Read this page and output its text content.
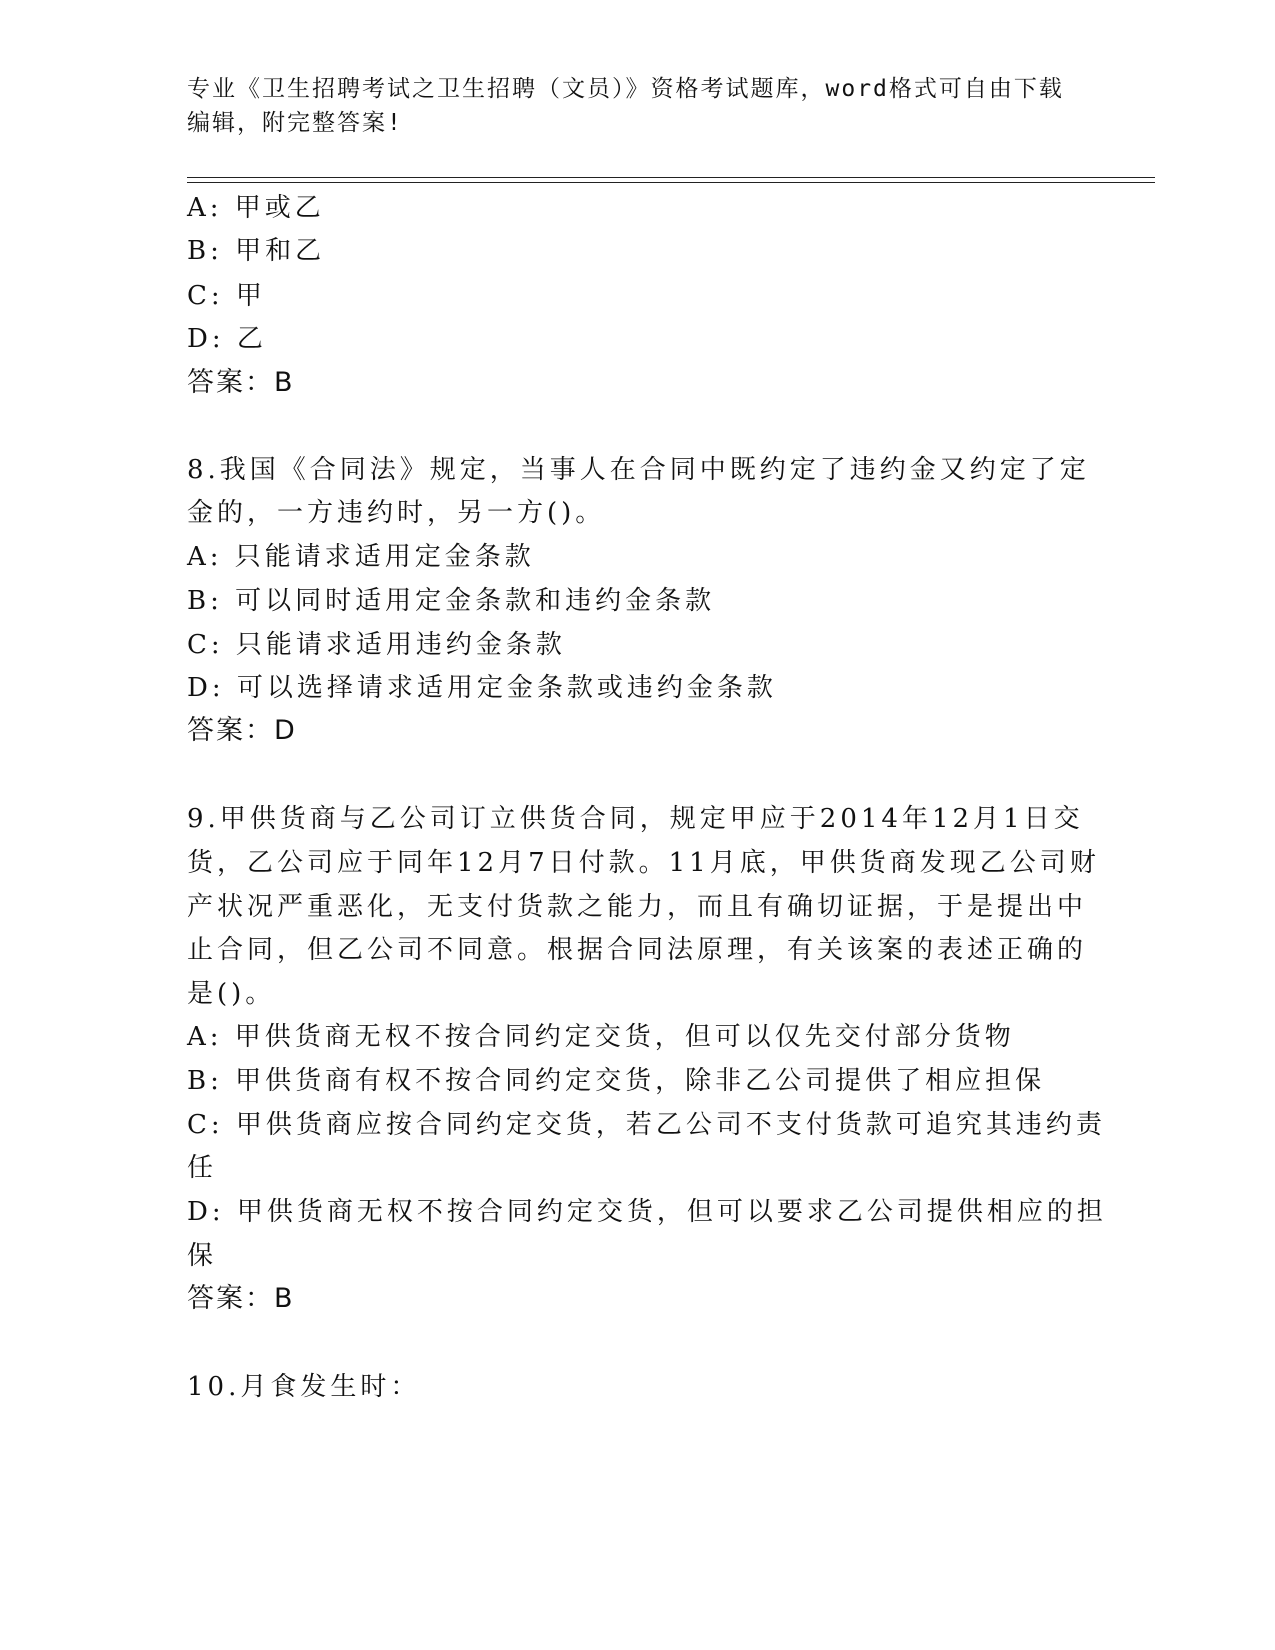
专业《卫生招聘考试之卫生招聘（文员）》资格考试题库，word格式可自由下载
编辑，附完整答案!
A: 甲或乙
B: 甲和乙
C: 甲
D: 乙
答案：B
8.我国《合同法》规定，当事人在合同中既约定了违约金又约定了定
金的，一方违约时，另一方()。
A: 只能请求适用定金条款
B: 可以同时适用定金条款和违约金条款
C: 只能请求适用违约金条款
D: 可以选择请求适用定金条款或违约金条款
答案：D
9.甲供货商与乙公司订立供货合同，规定甲应于2014年12月1日交
货，乙公司应于同年12月7日付款。11月底，甲供货商发现乙公司财
产状况严重恶化，无支付货款之能力，而且有确切证据，于是提出中
止合同，但乙公司不同意。根据合同法原理，有关该案的表述正确的
是()。
A: 甲供货商无权不按合同约定交货，但可以仅先交付部分货物
B: 甲供货商有权不按合同约定交货，除非乙公司提供了相应担保
C: 甲供货商应按合同约定交货，若乙公司不支付货款可追究其违约责
任
D: 甲供货商无权不按合同约定交货，但可以要求乙公司提供相应的担
保
答案：B
10.月食发生时：
